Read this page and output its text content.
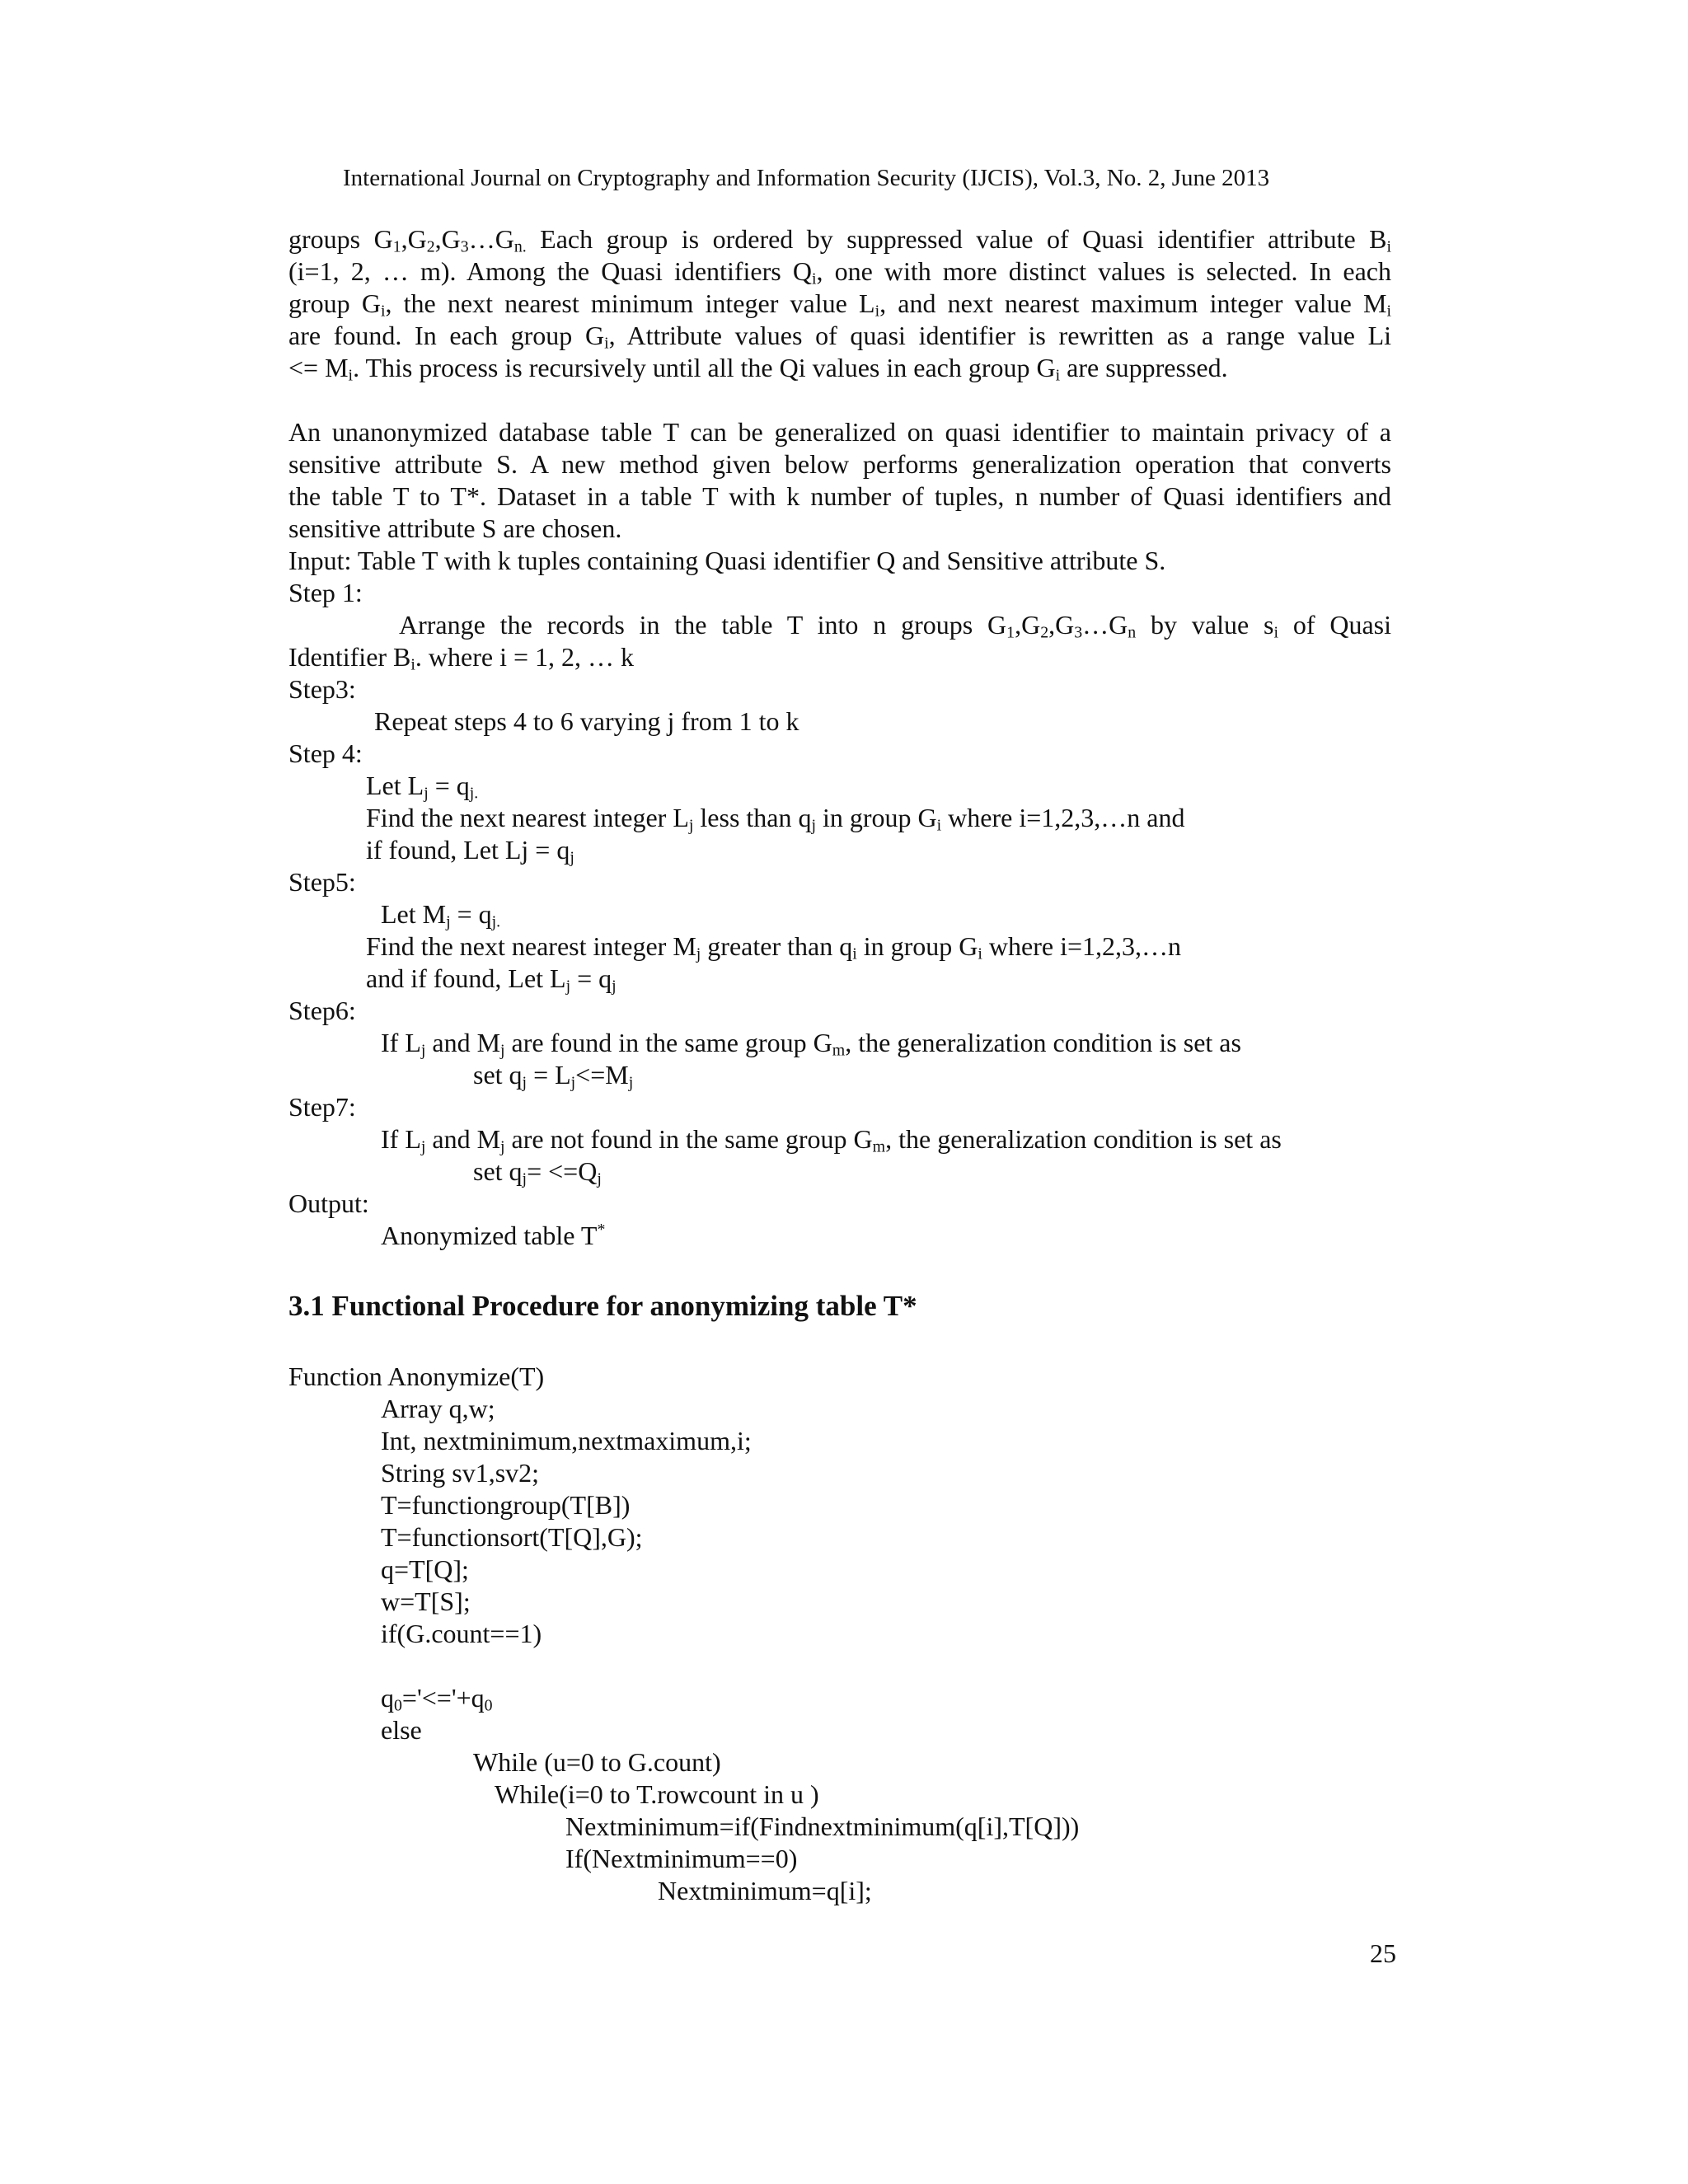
International Journal on Cryptography and Information Security (IJCIS), Vol.3, No. 2, June 2013
groups $G_1,G_2,G_3\dots G_{n.}$ Each group is ordered by suppressed value of Quasi identifier attribute $B_i$
(i=1, 2, … m). Among the Quasi identifiers $Q_i$, one with more distinct values is selected. In each
group $G_i$, the next nearest minimum integer value $L_i$, and next nearest maximum integer value $M_i$
are found. In each group $G_i$, Attribute values of quasi identifier is rewritten as a range value Li
<= $M_i$. This process is recursively until all the Qi values in each group $G_i$ are suppressed.
An unanonymized database table T can be generalized on quasi identifier to maintain privacy of a
sensitive attribute S. A new method given below performs generalization operation that converts
the table T to T*. Dataset in a table T with k number of tuples, n number of Quasi identifiers and
sensitive attribute S are chosen.
Input: Table T with k tuples containing Quasi identifier Q and Sensitive attribute S.
Step 1:
Arrange the records in the table T into n groups $G_1,G_2,G_3\dots G_n$ by value $s_i$ of Quasi
Identifier $B_i$. where i = 1, 2, … k
Step3:
Repeat steps 4 to 6 varying j from 1 to k
Step 4:
Let $L_j = q_{j.}$
Find the next nearest integer $L_j$ less than $q_j$ in group $G_i$ where i=1,2,3,…n and
if found, Let $Lj = q_j$
Step5:
Let $M_j = q_{j.}$
Find the next nearest integer $M_j$ greater than $q_i$ in group $G_i$ where i=1,2,3,…n
and if found, Let $L_j = q_j$
Step6:
If $L_j$ and $M_j$ are found in the same group $G_m$, the generalization condition is set as
set $q_j = L_j<=M_j$
Step7:
If $L_j$ and $M_j$ are not found in the same group $G_m$, the generalization condition is set as
set $q_j= <=Q_j$
Output:
Anonymized table T*
3.1 Functional Procedure for anonymizing table T*
Function Anonymize(T)
Array q,w;
Int, nextminimum,nextmaximum,i;
String sv1,sv2;
T=functiongroup(T[B])
T=functionsort(T[Q],G);
q=T[Q];
w=T[S];
if(G.count==1)
$q_0='<='+q_0$
else
While (u=0 to G.count)
While(i=0 to T.rowcount in u )
Nextminimum=if(Findnextminimum(q[i],T[Q]))
If(Nextminimum==0)
Nextminimum=q[i];
25
